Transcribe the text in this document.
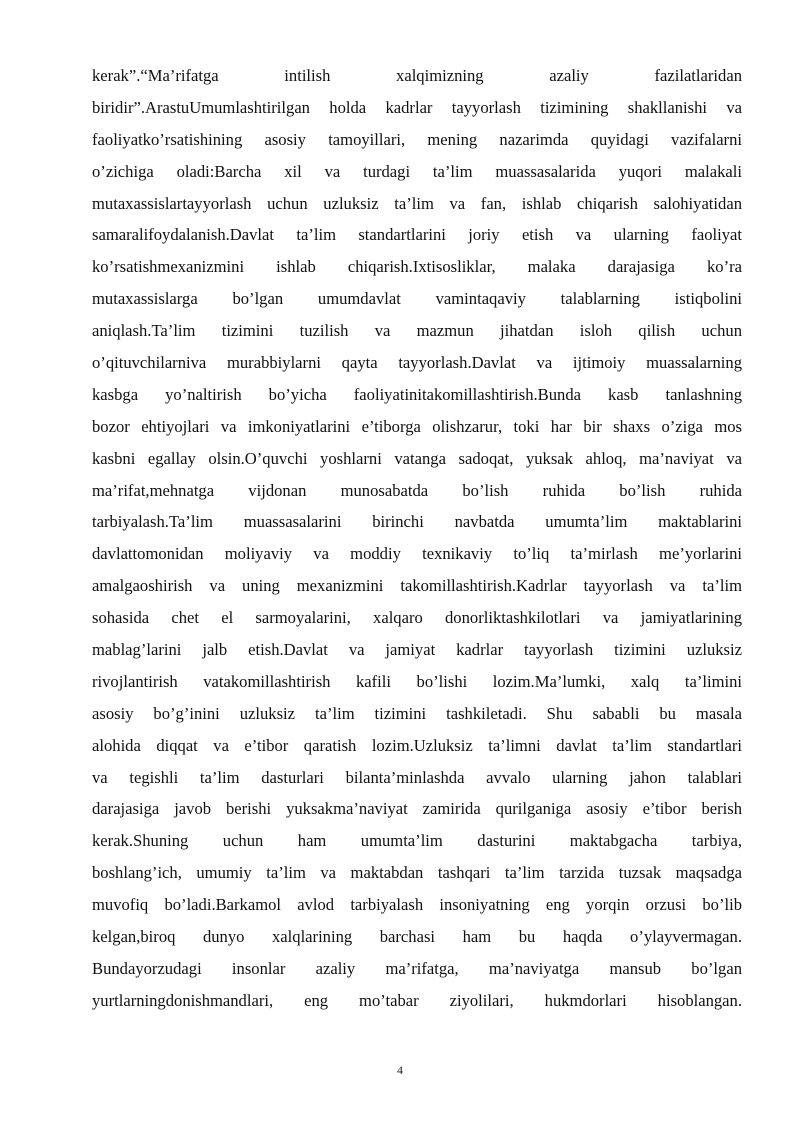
kerak”.“Ma’rifatga intilish xalqimizning azaliy fazilatlaridan
biridir”.ArastuUmumlashtirilgan holda kadrlar tayyorlash tizimining shakllanishi va
faoliyatko’rsatishining asosiy tamoyillari, mening nazarimda quyidagi vazifalarni
o’zichiga oladi:Barcha xil va turdagi ta’lim muassasalarida yuqori malakali
mutaxassislartayyorlash uchun uzluksiz ta’lim va fan, ishlab chiqarish salohiyatidan
samaralifoydalanish.Davlat ta’lim standartlarini joriy etish va ularning faoliyat
ko’rsatishmexanizmini ishlab chiqarish.Ixtisosliklar, malaka darajasiga ko’ra
mutaxassislarga bo’lgan umumdavlat vamintaqaviy talablarning istiqbolini
aniqlash.Ta’lim tizimini tuzilish va mazmun jihatdan isloh qilish uchun
o’qituvchilarniva murabbiylarni qayta tayyorlash.Davlat va ijtimoiy muassalarning
kasbga yo’naltirish bo’yicha faoliyatinitakomillashtirish.Bunda kasb tanlashning
bozor ehtiyojlari va imkoniyatlarini e’tiborga olishzarur, toki har bir shaxs o’ziga mos
kasbni egallay olsin.O’quvchi yoshlarni vatanga sadoqat, yuksak ahloq, ma’naviyat va
ma’rifat,mehnatga vijdonan munosabatda bo’lish ruhida bo’lish ruhida
tarbiyalash.Ta’lim muassasalarini birinchi navbatda umumta’lim maktablarini
davlattomonidan moliyaviy va moddiy texnikaviy to’liq ta’mirlash me’yorlarini
amalgaoshirish va uning mexanizmini takomillashtirish.Kadrlar tayyorlash va ta’lim
sohasida chet el sarmoyalarini, xalqaro donorliktashkilotlari va jamiyatlarining
mablag’larini jalb etish.Davlat va jamiyat kadrlar tayyorlash tizimini uzluksiz
rivojlantirish vatakomillashtirish kafili bo’lishi lozim.Ma’lumki, xalq ta’limini
asosiy bo’g’inini uzluksiz ta’lim tizimini tashkiletadi. Shu sababli bu masala
alohida diqqat va e’tibor qaratish lozim.Uzluksiz ta’limni davlat ta’lim standartlari
va tegishli ta’lim dasturlari bilanta’minlashda avvalo ularning jahon talablari
darajasiga javob berishi yuksakma’naviyat zamirida qurilganiga asosiy e’tibor berish
kerak.Shuning uchun ham umumta’lim dasturini maktabgacha tarbiya,
boshlang’ich, umumiy ta’lim va maktabdan tashqari ta’lim tarzida tuzsak maqsadga
muvofiq bo’ladi.Barkamol avlod tarbiyalash insoniyatning eng yorqin orzusi bo’lib
kelgan,biroq dunyo xalqlarining barchasi ham bu haqda o’ylayvermagan.
Bundayorzudagi insonlar azaliy ma’rifatga, ma’naviyatga mansub bo’lgan
yurtlarningdonishmandlari, eng mo’tabar ziyolilari, hukmdorlari hisoblangan.
4
